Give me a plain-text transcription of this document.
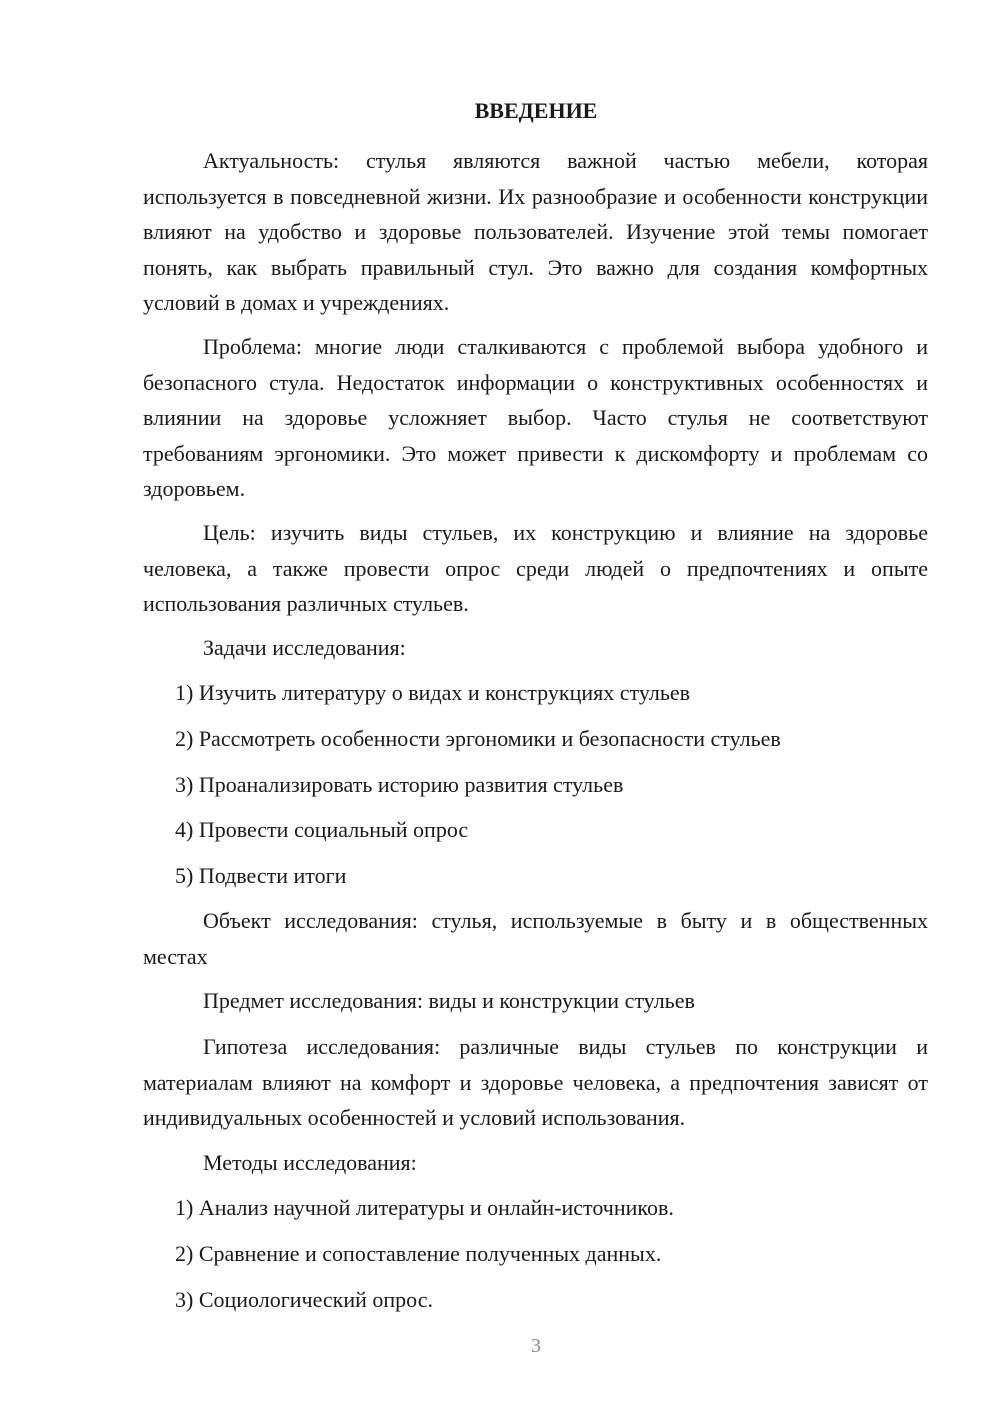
ВВЕДЕНИЕ

Актуальность: стулья являются важной частью мебели, которая используется в повседневной жизни. Их разнообразие и особенности конструкции влияют на удобство и здоровье пользователей. Изучение этой темы помогает понять, как выбрать правильный стул. Это важно для создания комфортных условий в домах и учреждениях.

Проблема: многие люди сталкиваются с проблемой выбора удобного и безопасного стула. Недостаток информации о конструктивных особенностях и влиянии на здоровье усложняет выбор. Часто стулья не соответствуют требованиям эргономики. Это может привести к дискомфорту и проблемам со здоровьем.

Цель: изучить виды стульев, их конструкцию и влияние на здоровье человека, а также провести опрос среди людей о предпочтениях и опыте использования различных стульев.

Задачи исследования:

1) Изучить литературу о видах и конструкциях стульев

2) Рассмотреть особенности эргономики и безопасности стульев

3) Проанализировать историю развития стульев

4) Провести социальный опрос

5) Подвести итоги

Объект исследования: стулья, используемые в быту и в общественных местах

Предмет исследования: виды и конструкции стульев

Гипотеза исследования: различные виды стульев по конструкции и материалам влияют на комфорт и здоровье человека, а предпочтения зависят от индивидуальных особенностей и условий использования.

Методы исследования:

1) Анализ научной литературы и онлайн-источников.

2) Сравнение и сопоставление полученных данных.

3) Социологический опрос.

3
